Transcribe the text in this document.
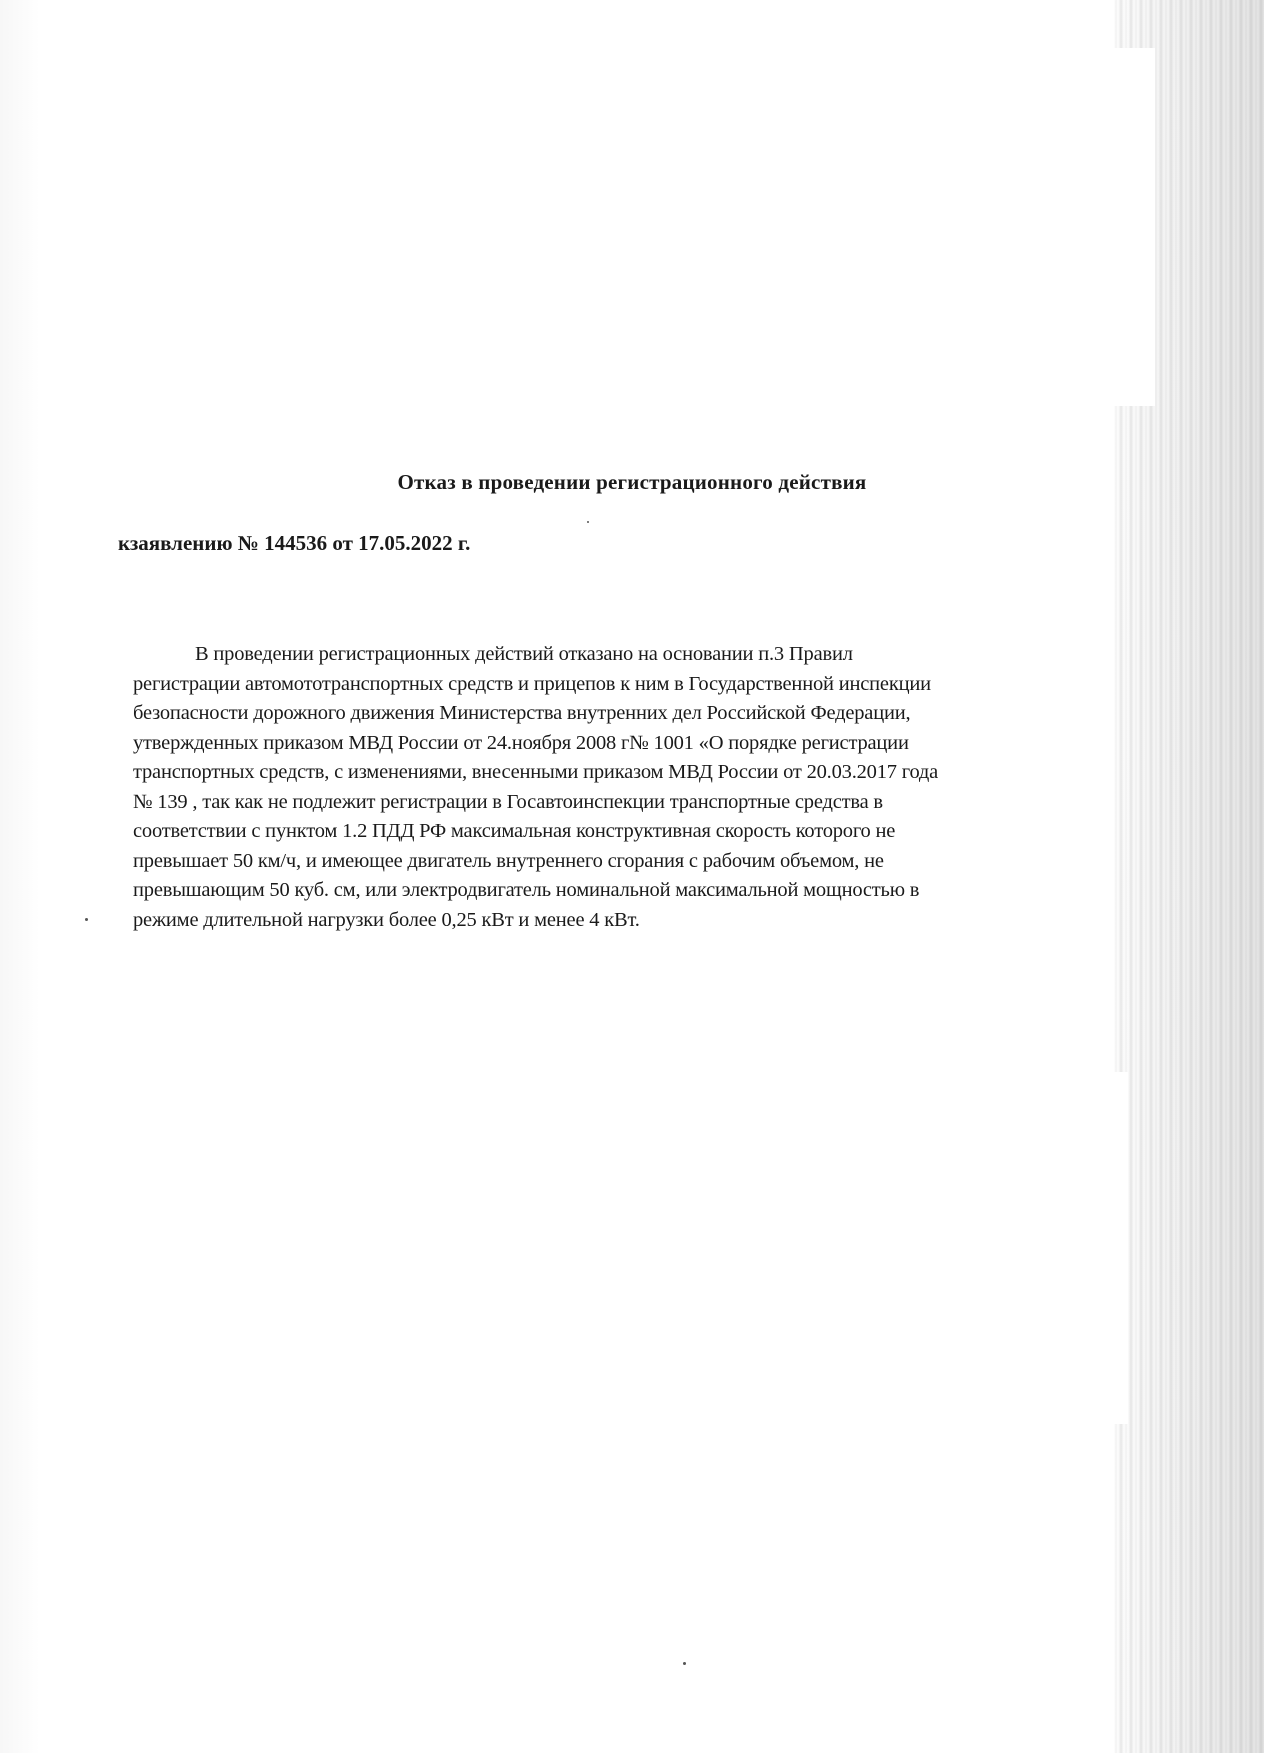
Отказ в проведении регистрационного действия
кзаявлению № 144536 от 17.05.2022 г.

В проведении регистрационных действий отказано на основании п.3 Правил
регистрации автомототранспортных средств и прицепов к ним в Государственной инспекции
безопасности дорожного движения Министерства внутренних дел Российской Федерации,
утвержденных приказом МВД России от 24.ноября 2008 г№ 1001 «О порядке регистрации
транспортных средств, с изменениями, внесенными приказом МВД России от 20.03.2017 года
№ 139 , так как не подлежит регистрации в Госавтоинспекции транспортные средства в
соответствии с пунктом 1.2 ПДД РФ максимальная конструктивная скорость которого не
превышает 50 км/ч, и имеющее двигатель внутреннего сгорания с рабочим объемом, не
превышающим 50 куб. см, или электродвигатель номинальной максимальной мощностью в
режиме длительной нагрузки более 0,25 кВт и менее 4 кВт.
